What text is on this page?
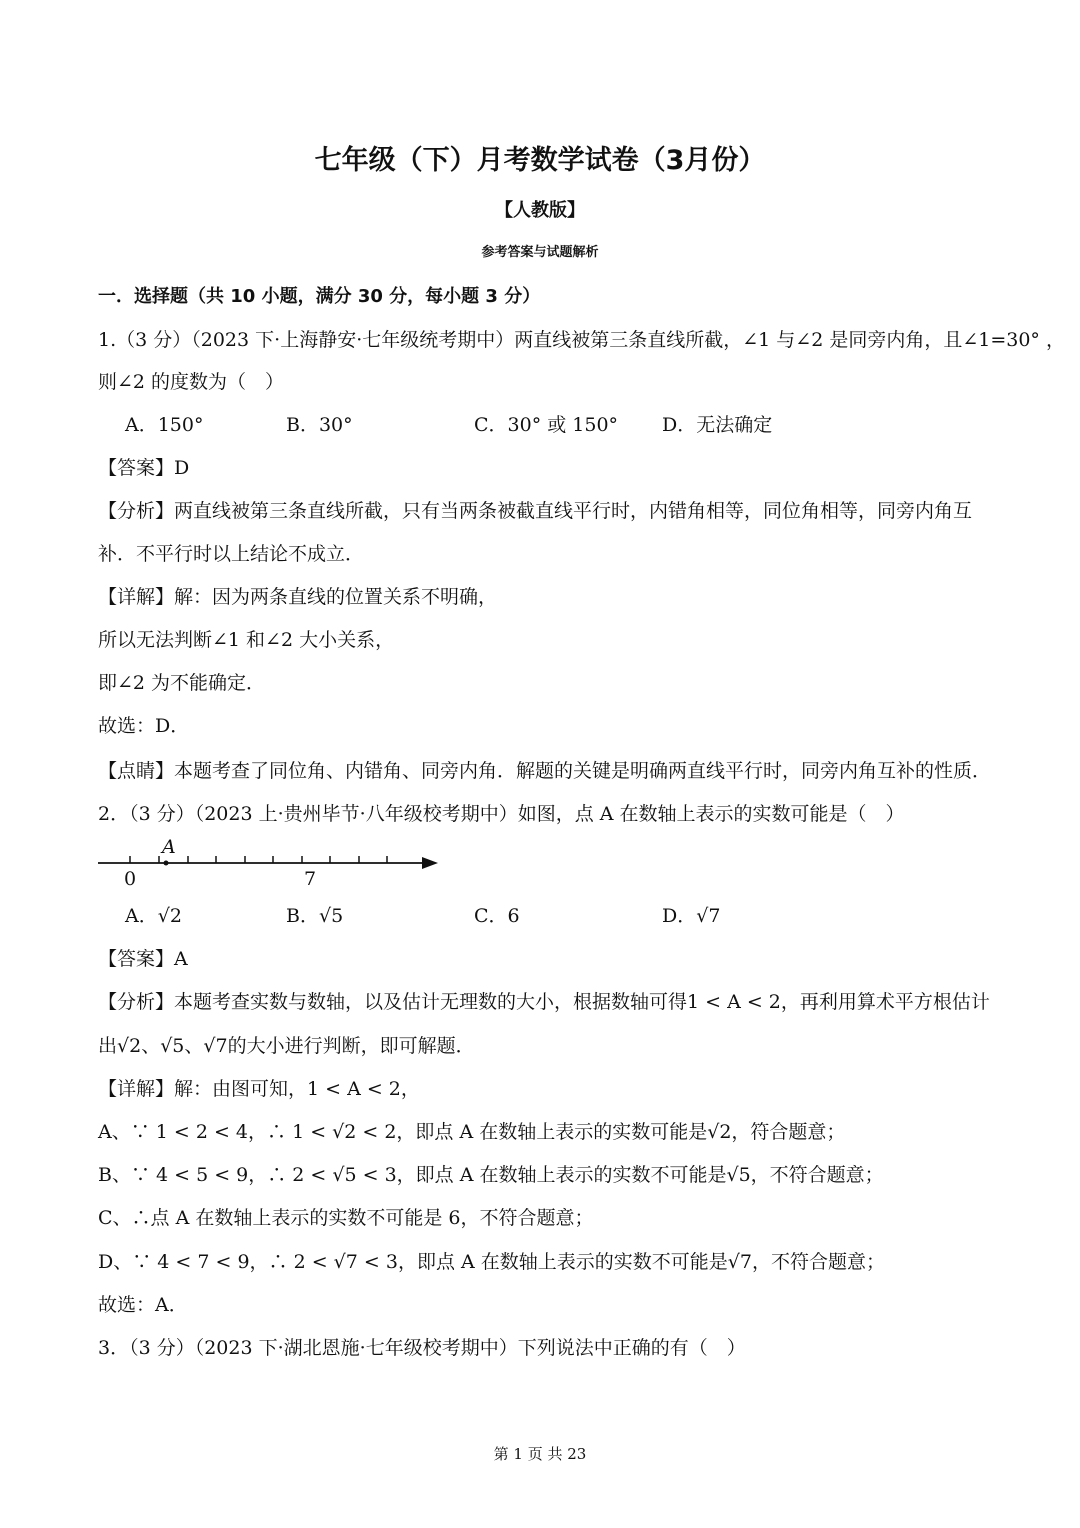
七年级（下）月考数学试卷（3月份）
【人教版】
参考答案与试题解析
一．选择题（共 10 小题，满分 30 分，每小题 3 分）
1.（3 分）（2023 下·上海静安·七年级统考期中）两直线被第三条直线所截，∠1 与∠2 是同旁内角，且∠1=30° ，
则∠2 的度数为（　）
A．150°	B．30°	C．30° 或 150° D．无法确定
【答案】D
【分析】两直线被第三条直线所截，只有当两条被截直线平行时，内错角相等，同位角相等，同旁内角互
补．不平行时以上结论不成立．
【详解】解：因为两条直线的位置关系不明确，
所以无法判断∠1 和∠2 大小关系，
即∠2 为不能确定．
故选：D．
【点睛】本题考查了同位角、内错角、同旁内角．解题的关键是明确两直线平行时，同旁内角互补的性质．
2．（3 分）（2023 上·贵州毕节·八年级校考期中）如图，点 A 在数轴上表示的实数可能是（　）
A
0	7
A．√2	B．√5	C．6	D．√7
【答案】A
【分析】本题考查实数与数轴，以及估计无理数的大小，根据数轴可得1 < A < 2，再利用算术平方根估计
出√2、√5、√7的大小进行判断，即可解题．
【详解】解：由图可知，1 < A < 2，
A、∵ 1 < 2 < 4，∴ 1 < √2 < 2，即点 A 在数轴上表示的实数可能是√2，符合题意；
B、∵ 4 < 5 < 9，∴ 2 < √5 < 3，即点 A 在数轴上表示的实数不可能是√5，不符合题意；
C、∴点 A 在数轴上表示的实数不可能是 6，不符合题意；
D、∵ 4 < 7 < 9，∴ 2 < √7 < 3，即点 A 在数轴上表示的实数不可能是√7，不符合题意；
故选：A．
3．（3 分）（2023 下·湖北恩施·七年级校考期中）下列说法中正确的有（　）
第 1 页 共 23
